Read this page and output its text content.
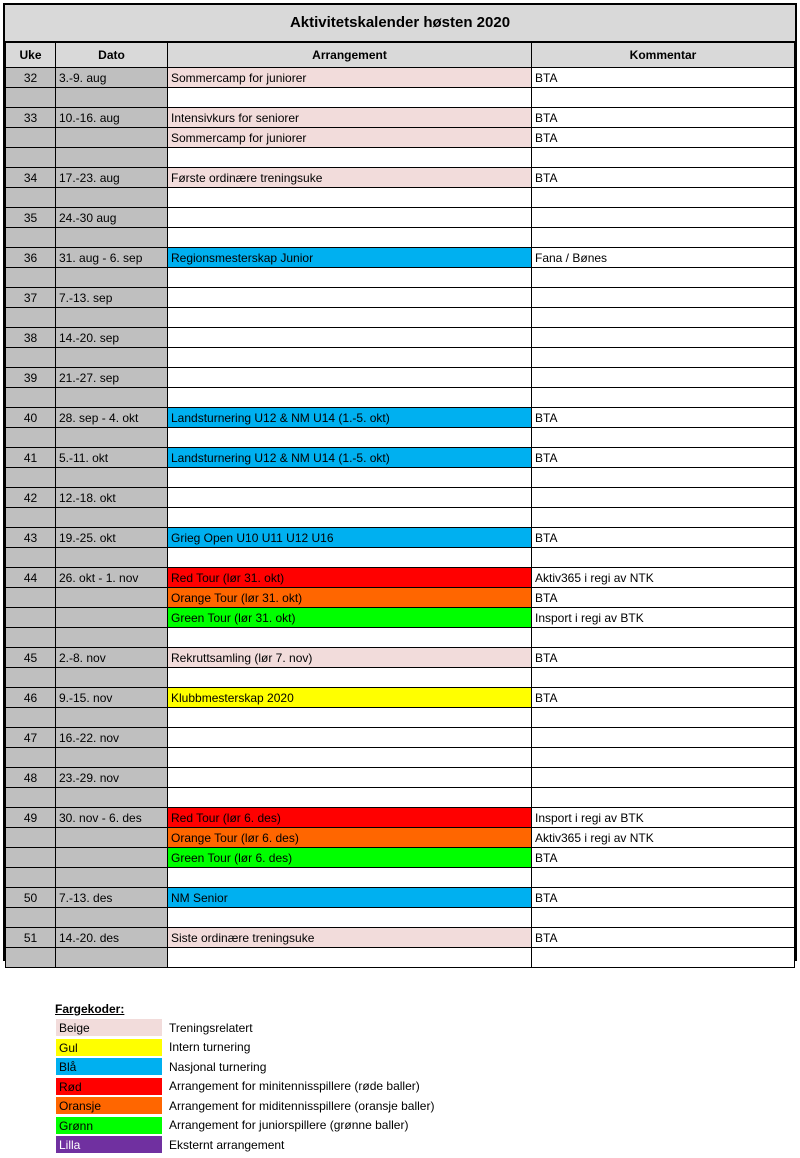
Aktivitetskalender høsten 2020
Uke	Dato	Arrangement	Kommentar
32	3.-9. aug	Sommercamp for juniorer	BTA

33	10.-16. aug	Intensivkurs for seniorer	BTA
		Sommercamp for juniorer	BTA

34	17.-23. aug	Første ordinære treningsuke	BTA

35	24.-30 aug		

36	31. aug - 6. sep	Regionsmesterskap Junior	Fana / Bønes

37	7.-13. sep		

38	14.-20. sep		

39	21.-27. sep		

40	28. sep - 4. okt	Landsturnering U12 & NM U14 (1.-5. okt)	BTA

41	5.-11. okt	Landsturnering U12 & NM U14 (1.-5. okt)	BTA

42	12.-18. okt		

43	19.-25. okt	Grieg Open U10 U11 U12 U16	BTA

44	26. okt - 1. nov	Red Tour (lør 31. okt)	Aktiv365 i regi av NTK
		Orange Tour (lør 31. okt)	BTA
		Green Tour (lør 31. okt)	Insport i regi av BTK

45	2.-8. nov	Rekruttsamling (lør 7. nov)	BTA

46	9.-15. nov	Klubbmesterskap 2020	BTA

47	16.-22. nov		

48	23.-29. nov		

49	30. nov - 6. des	Red Tour (lør 6. des)	Insport i regi av BTK
		Orange Tour (lør 6. des)	Aktiv365 i regi av NTK
		Green Tour (lør 6. des)	BTA

50	7.-13. des	NM Senior	BTA

51	14.-20. des	Siste ordinære treningsuke	BTA

Fargekoder:
Beige	Treningsrelatert
Gul	Intern turnering
Blå	Nasjonal turnering
Rød	Arrangement for minitennisspillere (røde baller)
Oransje	Arrangement for miditennisspillere (oransje baller)
Grønn	Arrangement for juniorspillere (grønne baller)
Lilla	Eksternt arrangement
